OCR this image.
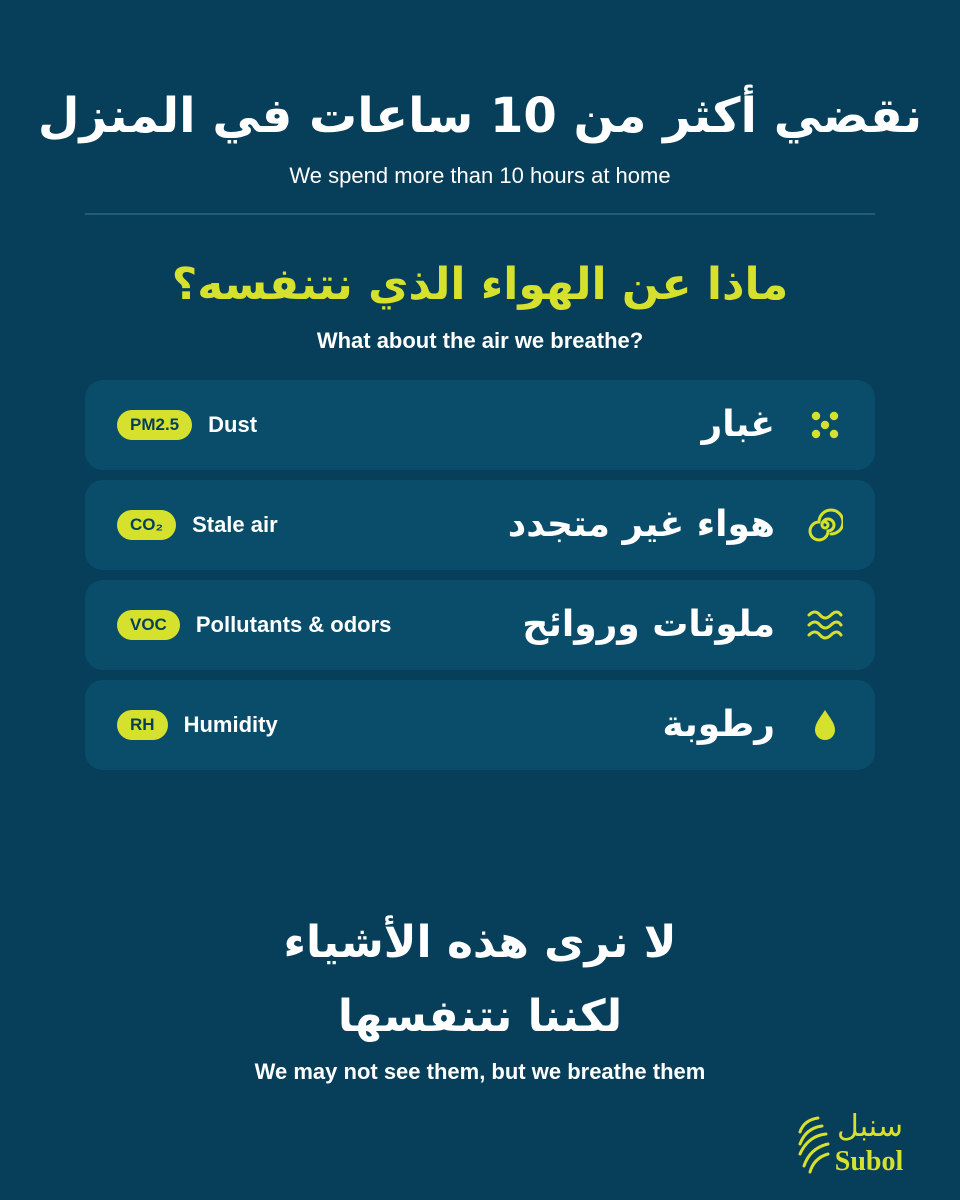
نقضي أكثر من 10 ساعات في المنزل
We spend more than 10 hours at home
ماذا عن الهواء الذي نتنفسه؟
What about the air we breathe?
PM2.5	Dust	غبار
CO₂	Stale air	هواء غير متجدد
VOC	Pollutants & odors	ملوثات وروائح
RH	Humidity	رطوبة
لا نرى هذه الأشياء
لكننا نتنفسها
We may not see them, but we breathe them
سنبل
Subol
